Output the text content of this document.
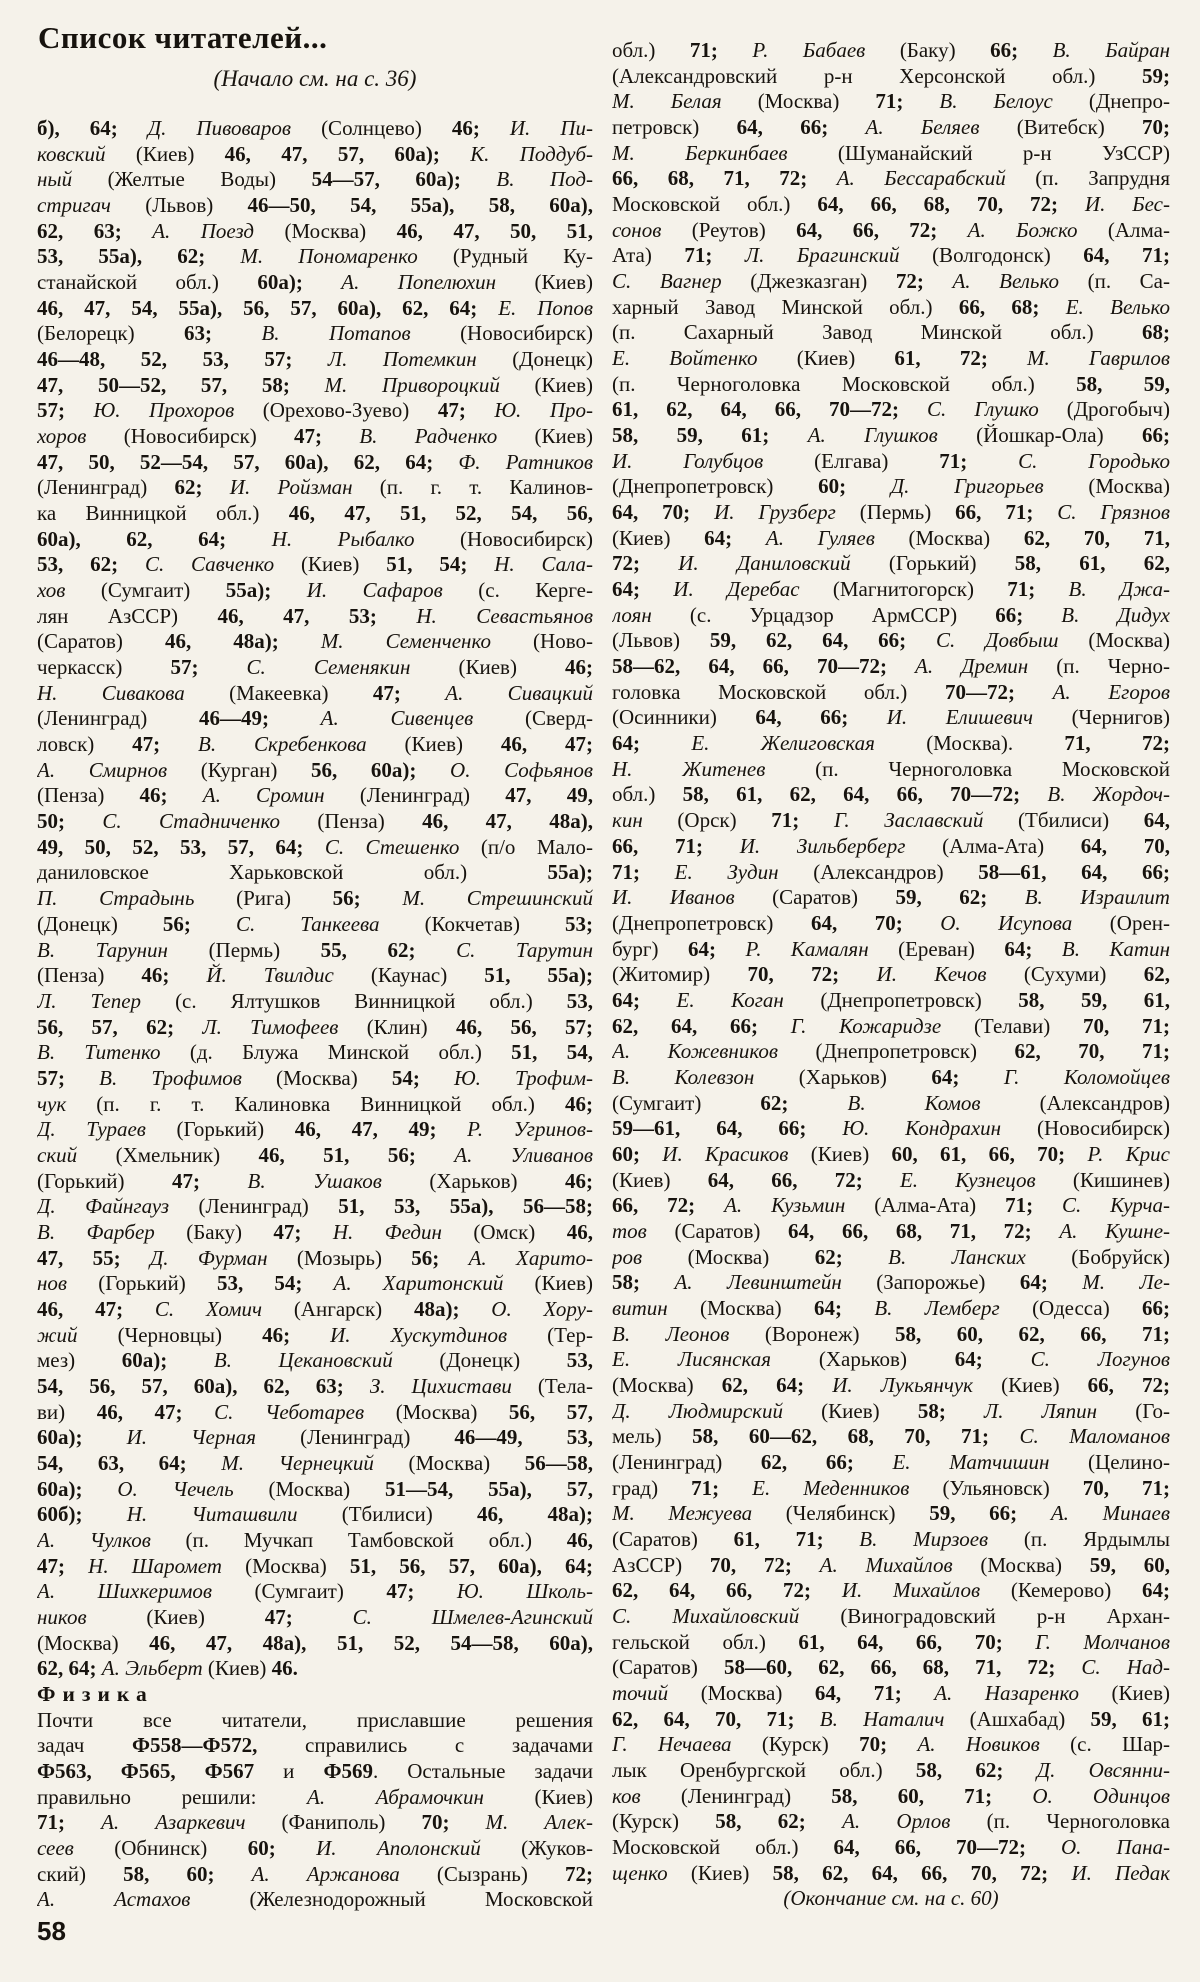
Список читателей...
(Начало см. на с. 36)
б), 64; Д. Пивоваров (Солнцево) 46; И. Пи-
ковский (Киев) 46, 47, 57, 60а); К. Поддуб-
ный (Желтые Воды) 54—57, 60а); В. Под-
стригач (Львов) 46—50, 54, 55а), 58, 60а),
62, 63; А. Поезд (Москва) 46, 47, 50, 51,
53, 55а), 62; М. Пономаренко (Рудный Ку-
станайской обл.) 60а); А. Попелюхин (Киев)
46, 47, 54, 55а), 56, 57, 60а), 62, 64; Е. Попов
(Белорецк) 63; В. Потапов (Новосибирск)
46—48, 52, 53, 57; Л. Потемкин (Донецк)
47, 50—52, 57, 58; М. Привороцкий (Киев)
57; Ю. Прохоров (Орехово-Зуево) 47; Ю. Про-
хоров (Новосибирск) 47; В. Радченко (Киев)
47, 50, 52—54, 57, 60а), 62, 64; Ф. Ратников
(Ленинград) 62; И. Ройзман (п. г. т. Калинов-
ка Винницкой обл.) 46, 47, 51, 52, 54, 56,
60а), 62, 64; Н. Рыбалко (Новосибирск)
53, 62; С. Савченко (Киев) 51, 54; Н. Сала-
хов (Сумгаит) 55а); И. Сафаров (с. Керге-
лян АзССР) 46, 47, 53; Н. Севастьянов
(Саратов) 46, 48а); М. Семенченко (Ново-
черкасск) 57; С. Семенякин (Киев) 46;
Н. Сивакова (Макеевка) 47; А. Сивацкий
(Ленинград) 46—49; А. Сивенцев (Сверд-
ловск) 47; В. Скребенкова (Киев) 46, 47;
А. Смирнов (Курган) 56, 60а); О. Софьянов
(Пенза) 46; А. Сромин (Ленинград) 47, 49,
50; С. Стадниченко (Пенза) 46, 47, 48а),
49, 50, 52, 53, 57, 64; С. Стешенко (п/о Мало-
даниловское Харьковской обл.) 55а);
П. Страдынь (Рига) 56; М. Стрешинский
(Донецк) 56; С. Танкеева (Кокчетав) 53;
В. Тарунин (Пермь) 55, 62; С. Тарутин
(Пенза) 46; Й. Твилдис (Каунас) 51, 55а);
Л. Тепер (с. Ялтушков Винницкой обл.) 53,
56, 57, 62; Л. Тимофеев (Клин) 46, 56, 57;
В. Титенко (д. Блужа Минской обл.) 51, 54,
57; В. Трофимов (Москва) 54; Ю. Трофим-
чук (п. г. т. Калиновка Винницкой обл.) 46;
Д. Тураев (Горький) 46, 47, 49; Р. Угринов-
ский (Хмельник) 46, 51, 56; А. Уливанов
(Горький) 47; В. Ушаков (Харьков) 46;
Д. Файнгауз (Ленинград) 51, 53, 55а), 56—58;
В. Фарбер (Баку) 47; Н. Федин (Омск) 46,
47, 55; Д. Фурман (Мозырь) 56; А. Харито-
нов (Горький) 53, 54; А. Харитонский (Киев)
46, 47; С. Хомич (Ангарск) 48а); О. Хору-
жий (Черновцы) 46; И. Хускутдинов (Тер-
мез) 60а); В. Цекановский (Донецк) 53,
54, 56, 57, 60а), 62, 63; З. Цихистави (Тела-
ви) 46, 47; С. Чеботарев (Москва) 56, 57,
60а); И. Черная (Ленинград) 46—49, 53,
54, 63, 64; М. Чернецкий (Москва) 56—58,
60а); О. Чечель (Москва) 51—54, 55а), 57,
60б); Н. Читашвили (Тбилиси) 46, 48а);
А. Чулков (п. Мучкап Тамбовской обл.) 46,
47; Н. Шаромет (Москва) 51, 56, 57, 60а), 64;
А. Шихкеримов (Сумгаит) 47; Ю. Школь-
ников (Киев) 47; С. Шмелев-Агинский
(Москва) 46, 47, 48а), 51, 52, 54—58, 60а),
62, 64; А. Эльберт (Киев) 46.
Физика
Почти все читатели, приславшие решения
задач Ф558—Ф572, справились с задачами
Ф563, Ф565, Ф567 и Ф569. Остальные задачи
правильно решили: А. Абрамочкин (Киев)
71; А. Азаркевич (Фаниполь) 70; М. Алек-
сеев (Обнинск) 60; И. Аполонский (Жуков-
ский) 58, 60; А. Аржанова (Сызрань) 72;
А. Астахов (Железнодорожный Московской
обл.) 71; Р. Бабаев (Баку) 66; В. Байран
(Александровский р-н Херсонской обл.) 59;
М. Белая (Москва) 71; В. Белоус (Днепро-
петровск) 64, 66; А. Беляев (Витебск) 70;
М. Беркинбаев (Шуманайский р-н УзССР)
66, 68, 71, 72; А. Бессарабский (п. Запрудня
Московской обл.) 64, 66, 68, 70, 72; И. Бес-
сонов (Реутов) 64, 66, 72; А. Божко (Алма-
Ата) 71; Л. Брагинский (Волгодонск) 64, 71;
С. Вагнер (Джезказган) 72; А. Велько (п. Са-
харный Завод Минской обл.) 66, 68; Е. Велько
(п. Сахарный Завод Минской обл.) 68;
Е. Войтенко (Киев) 61, 72; М. Гаврилов
(п. Черноголовка Московской обл.) 58, 59,
61, 62, 64, 66, 70—72; С. Глушко (Дрогобыч)
58, 59, 61; А. Глушков (Йошкар-Ола) 66;
И. Голубцов (Елгава) 71; С. Городько
(Днепропетровск) 60; Д. Григорьев (Москва)
64, 70; И. Грузберг (Пермь) 66, 71; С. Грязнов
(Киев) 64; А. Гуляев (Москва) 62, 70, 71,
72; И. Даниловский (Горький) 58, 61, 62,
64; И. Деребас (Магнитогорск) 71; В. Джа-
лоян (с. Урцадзор АрмССР) 66; В. Дидух
(Львов) 59, 62, 64, 66; С. Довбыш (Москва)
58—62, 64, 66, 70—72; А. Дремин (п. Черно-
головка Московской обл.) 70—72; А. Егоров
(Осинники) 64, 66; И. Елишевич (Чернигов)
64; Е. Желиговская (Москва). 71, 72;
Н. Житенев (п. Черноголовка Московской
обл.) 58, 61, 62, 64, 66, 70—72; В. Жордоч-
кин (Орск) 71; Г. Заславский (Тбилиси) 64,
66, 71; И. Зильберберг (Алма-Ата) 64, 70,
71; Е. Зудин (Александров) 58—61, 64, 66;
И. Иванов (Саратов) 59, 62; В. Израилит
(Днепропетровск) 64, 70; О. Исупова (Орен-
бург) 64; Р. Камалян (Ереван) 64; В. Катин
(Житомир) 70, 72; И. Кечов (Сухуми) 62,
64; Е. Коган (Днепропетровск) 58, 59, 61,
62, 64, 66; Г. Кожаридзе (Телави) 70, 71;
А. Кожевников (Днепропетровск) 62, 70, 71;
В. Колевзон (Харьков) 64; Г. Коломойцев
(Сумгаит) 62; В. Комов (Александров)
59—61, 64, 66; Ю. Кондрахин (Новосибирск)
60; И. Красиков (Киев) 60, 61, 66, 70; Р. Крис
(Киев) 64, 66, 72; Е. Кузнецов (Кишинев)
66, 72; А. Кузьмин (Алма-Ата) 71; С. Курча-
тов (Саратов) 64, 66, 68, 71, 72; А. Кушне-
ров (Москва) 62; В. Ланских (Бобруйск)
58; А. Левинштейн (Запорожье) 64; М. Ле-
витин (Москва) 64; В. Лемберг (Одесса) 66;
В. Леонов (Воронеж) 58, 60, 62, 66, 71;
Е. Лисянская (Харьков) 64; С. Логунов
(Москва) 62, 64; И. Лукьянчук (Киев) 66, 72;
Д. Людмирский (Киев) 58; Л. Ляпин (Го-
мель) 58, 60—62, 68, 70, 71; С. Маломанов
(Ленинград) 62, 66; Е. Матчишин (Целино-
град) 71; Е. Меденников (Ульяновск) 70, 71;
М. Межуева (Челябинск) 59, 66; А. Минаев
(Саратов) 61, 71; В. Мирзоев (п. Ярдымлы
АзССР) 70, 72; А. Михайлов (Москва) 59, 60,
62, 64, 66, 72; И. Михайлов (Кемерово) 64;
С. Михайловский (Виноградовский р-н Архан-
гельской обл.) 61, 64, 66, 70; Г. Молчанов
(Саратов) 58—60, 62, 66, 68, 71, 72; С. Над-
точий (Москва) 64, 71; А. Назаренко (Киев)
62, 64, 70, 71; В. Наталич (Ашхабад) 59, 61;
Г. Нечаева (Курск) 70; А. Новиков (с. Шар-
лык Оренбургской обл.) 58, 62; Д. Овсянни-
ков (Ленинград) 58, 60, 71; О. Одинцов
(Курск) 58, 62; А. Орлов (п. Черноголовка
Московской обл.) 64, 66, 70—72; О. Пана-
щенко (Киев) 58, 62, 64, 66, 70, 72; И. Педак
(Окончание см. на с. 60)
58
